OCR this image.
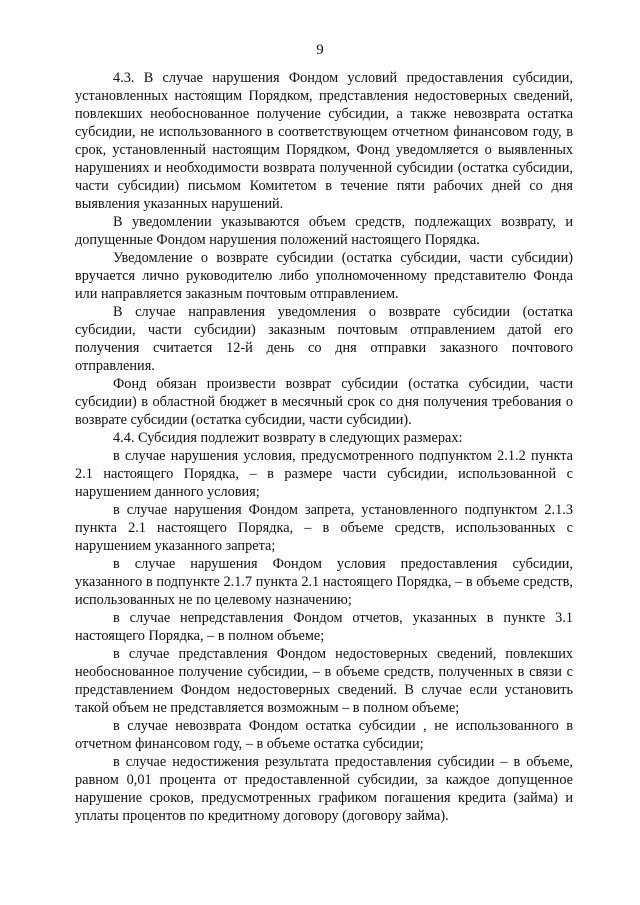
9

4.3. В случае нарушения Фондом условий предоставления субсидии, установленных настоящим Порядком, представления недостоверных сведений, повлекших необоснованное получение субсидии, а также невозврата остатка субсидии, не использованного в соответствующем отчетном финансовом году, в срок, установленный настоящим Порядком, Фонд уведомляется о выявленных нарушениях и необходимости возврата полученной субсидии (остатка субсидии, части субсидии) письмом Комитетом в течение пяти рабочих дней со дня выявления указанных нарушений.

В уведомлении указываются объем средств, подлежащих возврату, и допущенные Фондом нарушения положений настоящего Порядка.

Уведомление о возврате субсидии (остатка субсидии, части субсидии) вручается лично руководителю либо уполномоченному представителю Фонда или направляется заказным почтовым отправлением.

В случае направления уведомления о возврате субсидии (остатка субсидии, части субсидии) заказным почтовым отправлением датой его получения считается 12-й день со дня отправки заказного почтового отправления.

Фонд обязан произвести возврат субсидии (остатка субсидии, части субсидии) в областной бюджет в месячный срок со дня получения требования о возврате субсидии (остатка субсидии, части субсидии).

4.4. Субсидия подлежит возврату в следующих размерах:

в случае нарушения условия, предусмотренного подпунктом 2.1.2 пункта 2.1 настоящего Порядка, – в размере части субсидии, использованной с нарушением данного условия;

в случае нарушения Фондом запрета, установленного подпунктом 2.1.3 пункта 2.1 настоящего Порядка, – в объеме средств, использованных с нарушением указанного запрета;

в случае нарушения Фондом условия предоставления субсидии, указанного в подпункте 2.1.7 пункта 2.1 настоящего Порядка, – в объеме средств, использованных не по целевому назначению;

в случае непредставления Фондом отчетов, указанных в пункте 3.1 настоящего Порядка, – в полном объеме;

в случае представления Фондом недостоверных сведений, повлекших необоснованное получение субсидии, – в объеме средств, полученных в связи с представлением Фондом недостоверных сведений. В случае если установить такой объем не представляется возможным – в полном объеме;

в случае невозврата Фондом остатка субсидии , не использованного в отчетном финансовом году, – в объеме остатка субсидии;

в случае недостижения результата предоставления субсидии – в объеме, равном 0,01 процента от предоставленной субсидии, за каждое допущенное нарушение сроков, предусмотренных графиком погашения кредита (займа) и уплаты процентов по кредитному договору (договору займа).
